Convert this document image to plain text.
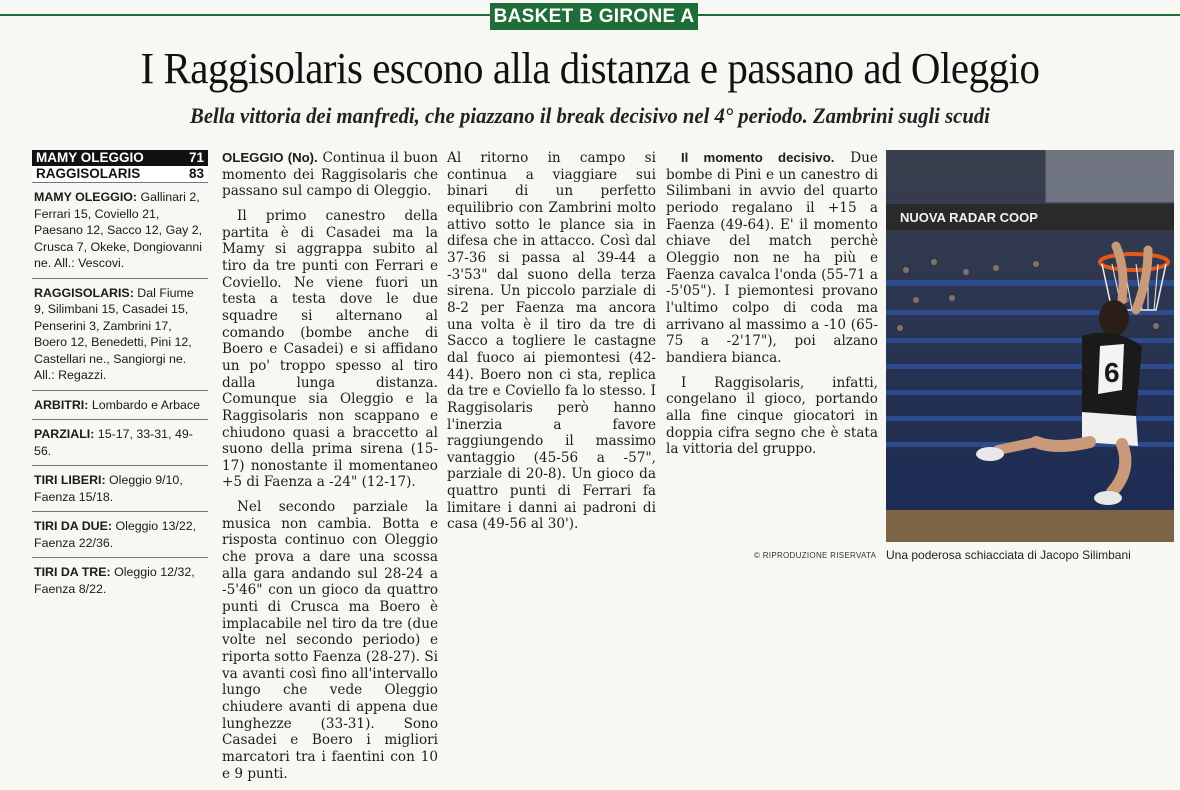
BASKET B GIRONE A
I Raggisolaris escono alla distanza e passano ad Oleggio
Bella vittoria dei manfredi, che piazzano il break decisivo nel 4° periodo. Zambrini sugli scudi
MAMY OLEGGIO	71
RAGGISOLARIS	83
MAMY OLEGGIO: Gallinari 2, Ferrari 15, Coviello 21, Paesano 12, Sacco 12, Gay 2, Crusca 7, Okeke, Dongiovanni ne. All.: Vescovi.
RAGGISOLARIS: Dal Fiume 9, Silimbani 15, Casadei 15, Penserini 3, Zambrini 17, Boero 12, Benedetti, Pini 12, Castellari ne., Sangiorgi ne. All.: Regazzi.
ARBITRI: Lombardo e Arbace
PARZIALI: 15-17, 33-31, 49-56.
TIRI LIBERI: Oleggio 9/10, Faenza 15/18.
TIRI DA DUE: Oleggio 13/22, Faenza 22/36.
TIRI DA TRE: Oleggio 12/32, Faenza 8/22.

OLEGGIO (No). Continua il buon momento dei Raggisolaris che passano sul campo di Oleggio.

Il primo canestro della partita è di Casadei ma la Mamy si aggrappa subito al tiro da tre punti con Ferrari e Coviello. Ne viene fuori un testa a testa dove le due squadre si alternano al comando (bombe anche di Boero e Casadei) e si affidano un po' troppo spesso al tiro dalla lunga distanza. Comunque sia Oleggio e la Raggisolaris non scappano e chiudono quasi a braccetto al suono della prima sirena (15-17) nonostante il momentaneo +5 di Faenza a -24" (12-17).

Nel secondo parziale la musica non cambia. Botta e risposta continuo con Oleggio che prova a dare una scossa alla gara andando sul 28-24 a -5'46" con un gioco da quattro punti di Crusca ma Boero è implacabile nel tiro da tre (due volte nel secondo periodo) e riporta sotto Faenza (28-27). Si va avanti così fino all'intervallo lungo che vede Oleggio chiudere avanti di appena due lunghezze (33-31). Sono Casadei e Boero i migliori marcatori tra i faentini con 10 e 9 punti.

Al ritorno in campo si continua a viaggiare sui binari di un perfetto equilibrio con Zambrini molto attivo sotto le plance sia in difesa che in attacco. Così dal 37-36 si passa al 39-44 a -3'53" dal suono della terza sirena. Un piccolo parziale di 8-2 per Faenza ma ancora una volta è il tiro da tre di Sacco a togliere le castagne dal fuoco ai piemontesi (42-44). Boero non ci sta, replica da tre e Coviello fa lo stesso. I Raggisolaris però hanno l'inerzia a favore raggiungendo il massimo vantaggio (45-56 a -57", parziale di 20-8). Un gioco da quattro punti di Ferrari fa limitare i danni ai padroni di casa (49-56 al 30').

Il momento decisivo. Due bombe di Pini e un canestro di Silimbani in avvio del quarto periodo regalano il +15 a Faenza (49-64). E' il momento chiave del match perchè Oleggio non ne ha più e Faenza cavalca l'onda (55-71 a -5'05"). I piemontesi provano l'ultimo colpo di coda ma arrivano al massimo a -10 (65-75 a -2'17"), poi alzano bandiera bianca.

I Raggisolaris, infatti, congelano il gioco, portando alla fine cinque giocatori in doppia cifra segno che è stata la vittoria del gruppo.

© RIPRODUZIONE RISERVATA
NUOVA RADAR COOP
6
Una poderosa schiacciata di Jacopo Silimbani
